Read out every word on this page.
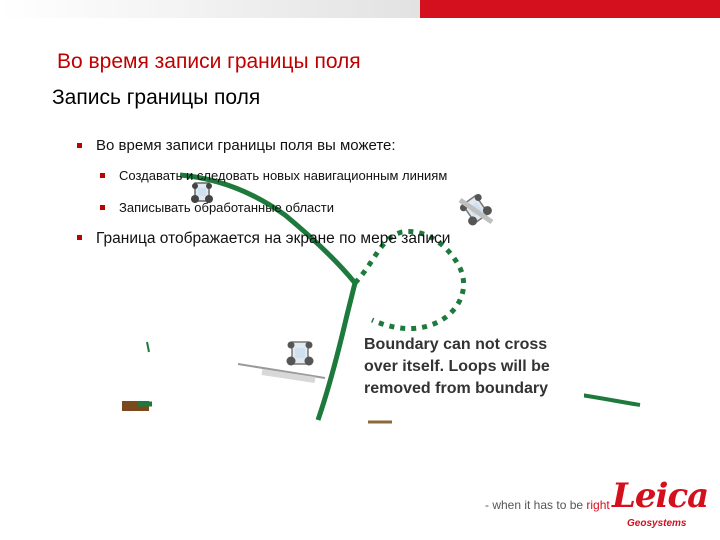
Во время записи границы поля
Запись границы поля
Во время записи границы поля вы можете:
Создавать и следовать новых навигационным линиям
Записывать обработанные области
Граница отображается на экране по мере записи
Boundary can not cross
over itself. Loops will be
removed from boundary
- when it has to be right Leica
Geosystems
